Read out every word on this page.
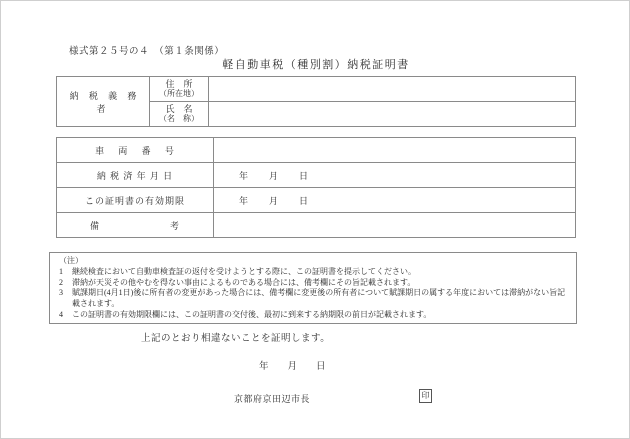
様式第２５号の４　（第１条関係）
軽自動車税（種別割）納税証明書
納 税 義 務 者	住　所
（所在地）	

	氏　名
（名　称）	

車　 両　 番　 号	
納 税 済 年 月 日	年　　月　　日
この証明書の有効期限	年　　月　　日
備　　　　　　　考	
（注）
1	継続検査において自動車検査証の返付を受けようとする際に、この証明書を提示してください。
2	滞納が天災その他やむを得ない事由によるものである場合には、備考欄にその旨記載されます。
3	賦課期日(4月1日)後に所有者の変更があった場合には、備考欄に変更後の所有者について賦課期日の属する年度においては滞納がない旨記載されます。
4	この証明書の有効期限欄には、この証明書の交付後、最初に到来する納期限の前日が記載されます。
上記のとおり相違ないことを証明します。
年　　月　　日
京都府京田辺市長	印
